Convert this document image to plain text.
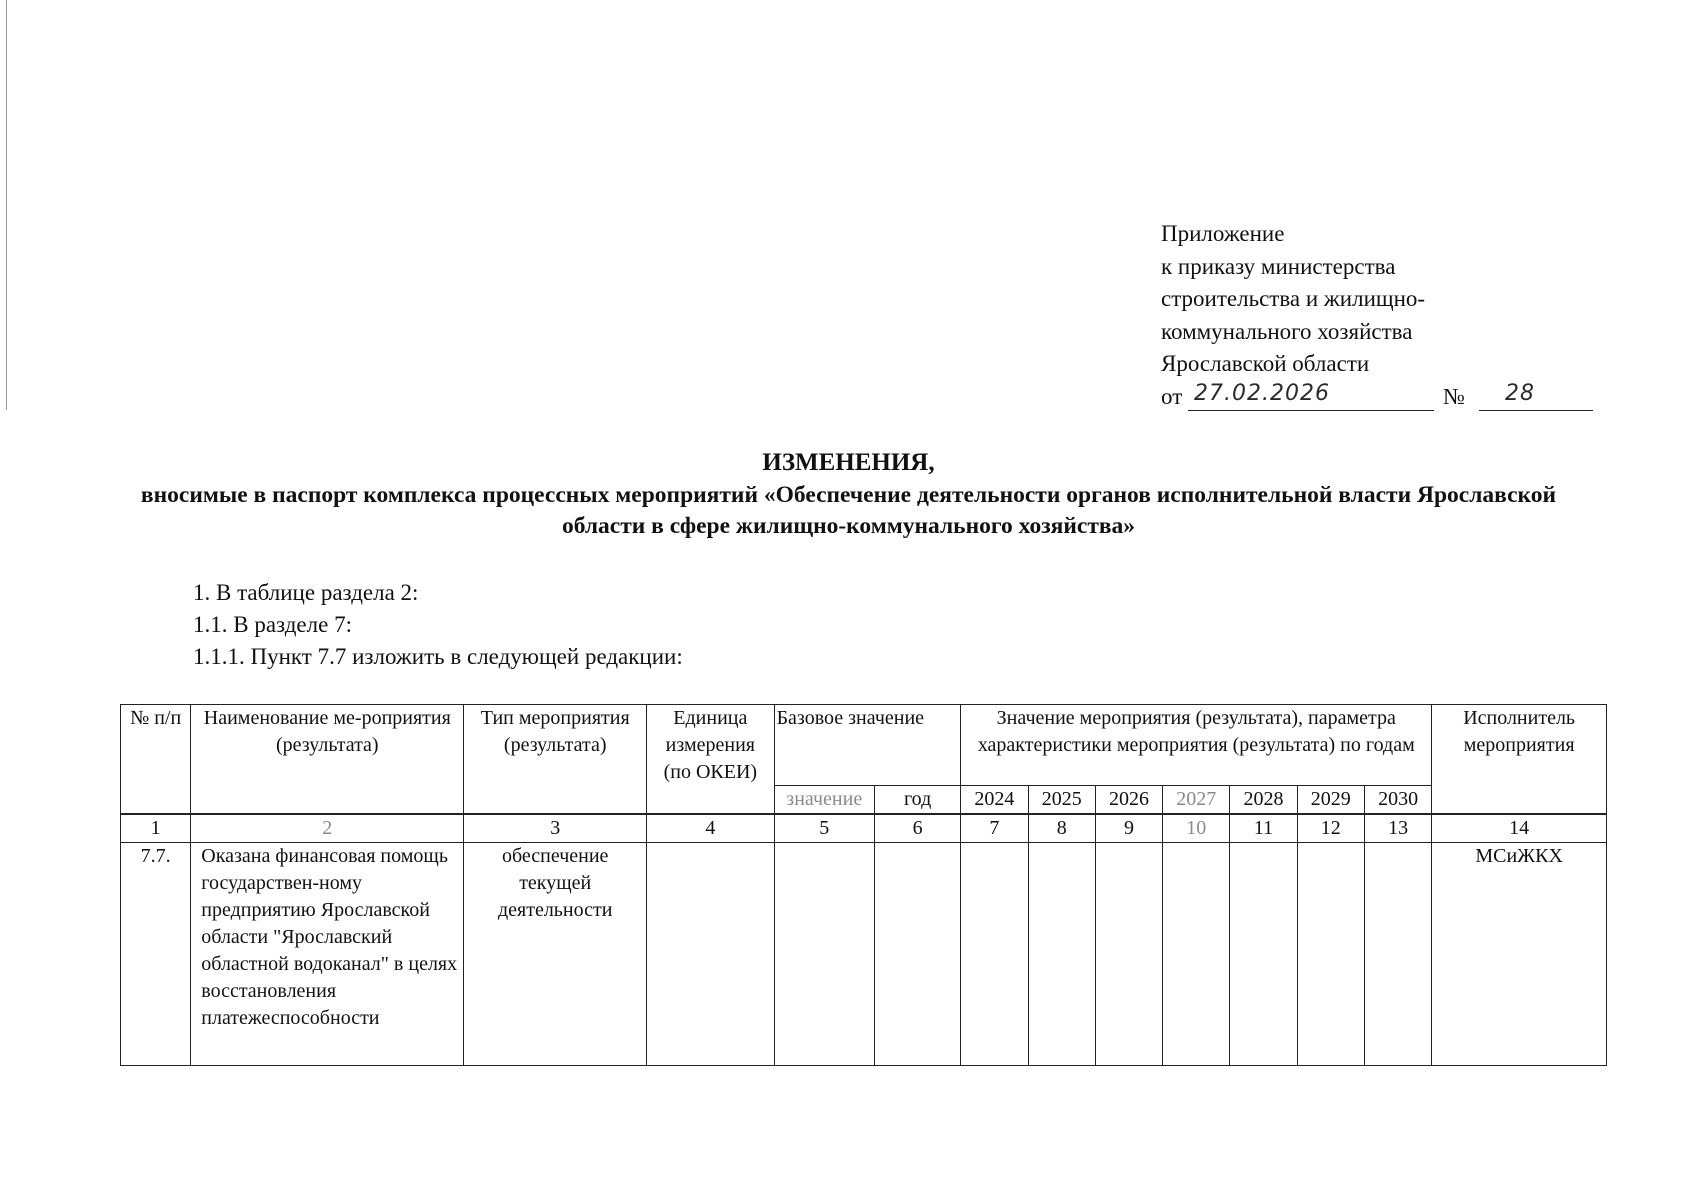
Приложение
к приказу министерства
строительства и жилищно-
коммунального хозяйства
Ярославской области
от 27.02.2026	№ 28
ИЗМЕНЕНИЯ,
вносимые в паспорт комплекса процессных мероприятий «Обеспечение деятельности органов исполнительной власти Ярославской области в сфере жилищно-коммунального хозяйства»
1. В таблице раздела 2:
1.1. В разделе 7:
1.1.1. Пункт 7.7 изложить в следующей редакции:
№ п/п	Наименование ме-роприятия (результата)	Тип мероприятия (результата)	Единица измерения (по ОКЕИ)	Базовое значение		Значение мероприятия (результата), параметра характеристики мероприятия (результата) по годам							Исполнитель мероприятия
				значение	год	2024	2025	2026	2027	2028	2029	2030	
1	2	3	4	5	6	7	8	9	10	11	12	13	14
7.7.	Оказана финансовая помощь государствен-ному предприятию Ярославской области "Ярославский областной водоканал" в целях восстановления платежеспособности	обеспечение текущей деятельности											МСиЖКХ
